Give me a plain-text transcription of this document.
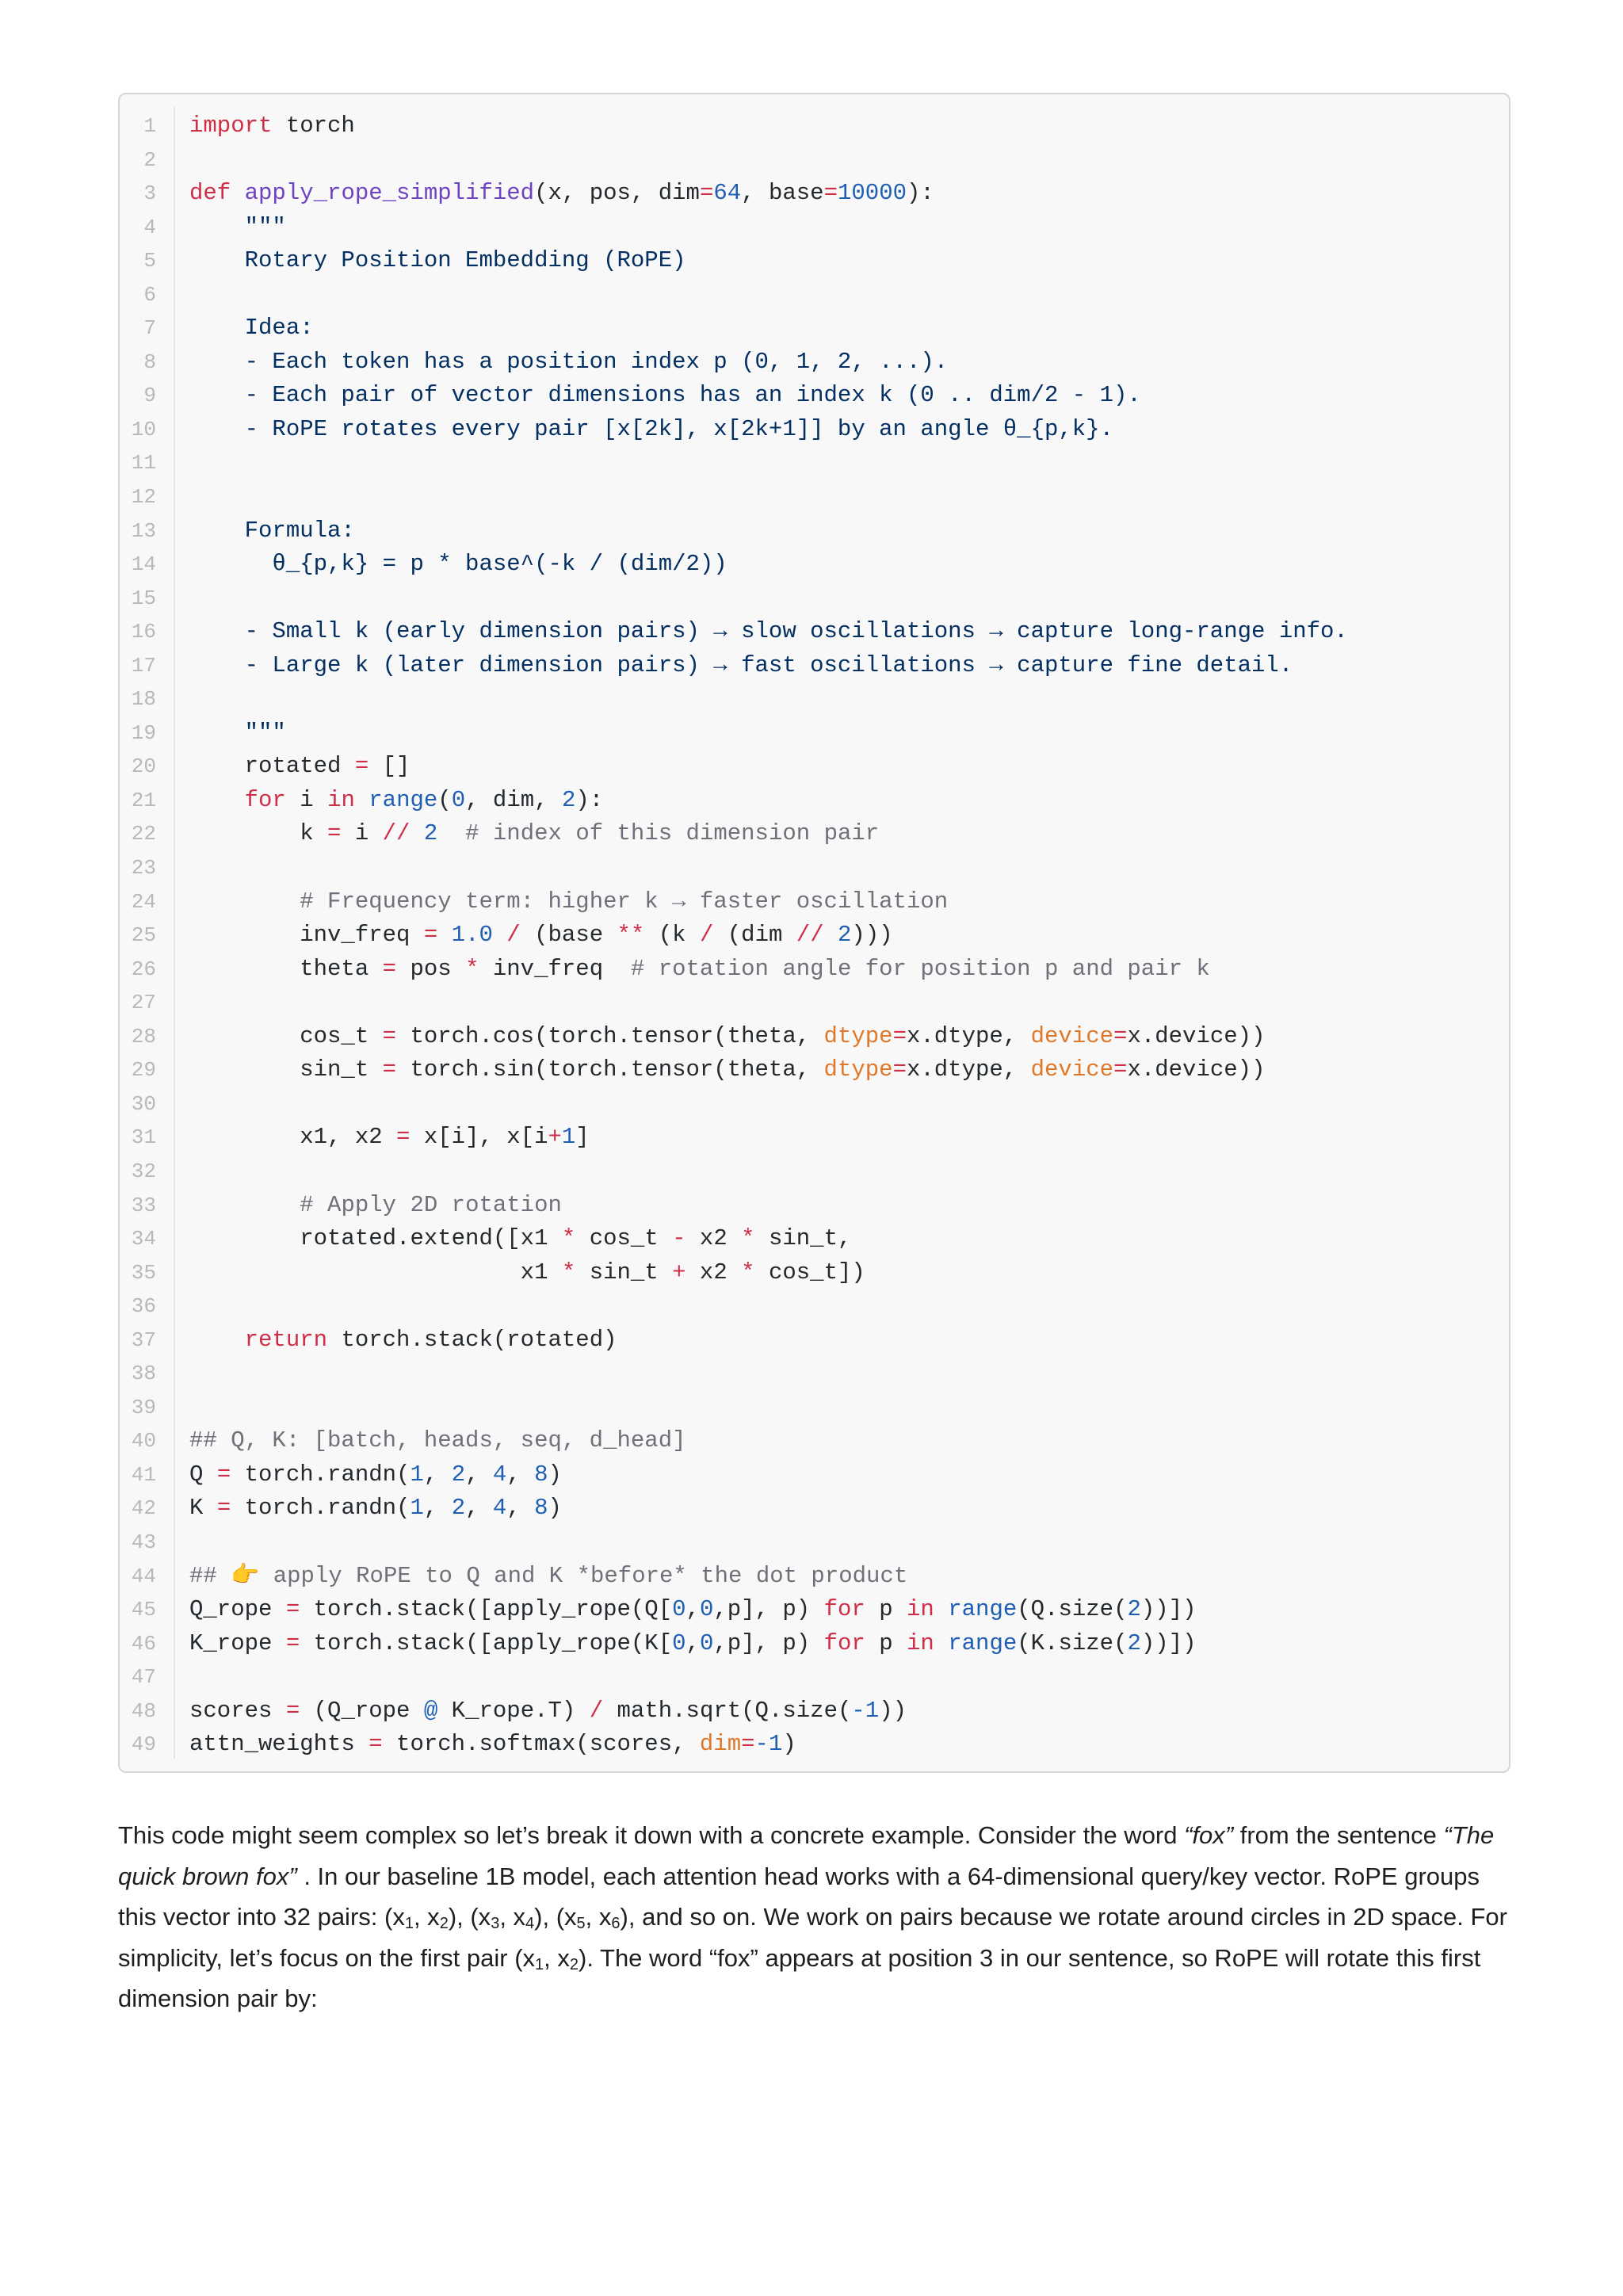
1 import torch
2
3 def apply_rope_simplified(x, pos, dim=64, base=10000):
4 """
5 Rotary Position Embedding (RoPE)
6
7 Idea:
8 - Each token has a position index p (0, 1, 2, ...).
9 - Each pair of vector dimensions has an index k (0 .. dim/2 - 1).
10 - RoPE rotates every pair [x[2k], x[2k+1]] by an angle θ_{p,k}.
11
12
13 Formula:
14 θ_{p,k} = p * base^(-k / (dim/2))
15
16 - Small k (early dimension pairs) → slow oscillations → capture long-range info.
17 - Large k (later dimension pairs) → fast oscillations → capture fine detail.
18
19 """
20 rotated = []
21	for i in range(0, dim, 2):
22 k = i // 2 # index of this dimension pair
23
24	# Frequency term: higher k → faster oscillation
25 inv_freq = 1.0 / (base ** (k / (dim // 2)))
26 theta = pos * inv_freq  # rotation angle for position p and pair k
27
28 cos_t = torch.cos(torch.tensor(theta, dtype=x.dtype, device=x.device))
29 sin_t = torch.sin(torch.tensor(theta, dtype=x.dtype, device=x.device))
30
31 x1, x2 = x[i], x[i+1]
32
33	# Apply 2D rotation
34 rotated.extend([x1 * cos_t - x2 * sin_t,
35 x1 * sin_t + x2 * cos_t])
36
37	return torch.stack(rotated)
38
39
40 ## Q, K: [batch, heads, seq, d_head]
41 Q = torch.randn(1, 2, 4, 8)
42 K = torch.randn(1, 2, 4, 8)
43
44 ## 👉 apply RoPE to Q and K *before* the dot product
45 Q_rope = torch.stack([apply_rope(Q[0,0,p], p) for p in range(Q.size(2))])
46 K_rope = torch.stack([apply_rope(K[0,0,p], p) for p in range(K.size(2))])
47
48 scores = (Q_rope @ K_rope.T) / math.sqrt(Q.size(-1))
49 attn_weights = torch.softmax(scores, dim=-1)

This code might seem complex so let’s break it down with a concrete example. Consider the word “fox” from the sentence “The quick brown fox” . In our baseline 1B model, each attention head works with a 64-dimensional query/key vector. RoPE groups this vector into 32 pairs: ($x_1$, $x_2$), ($x_3$, $x_4$), ($x_5$, $x_6$), and so on. We work on pairs because we rotate around circles in 2D space. For simplicity, let’s focus on the first pair ($x_1$, $x_2$). The word “fox” appears at position 3 in our sentence, so RoPE will rotate this first dimension pair by:
